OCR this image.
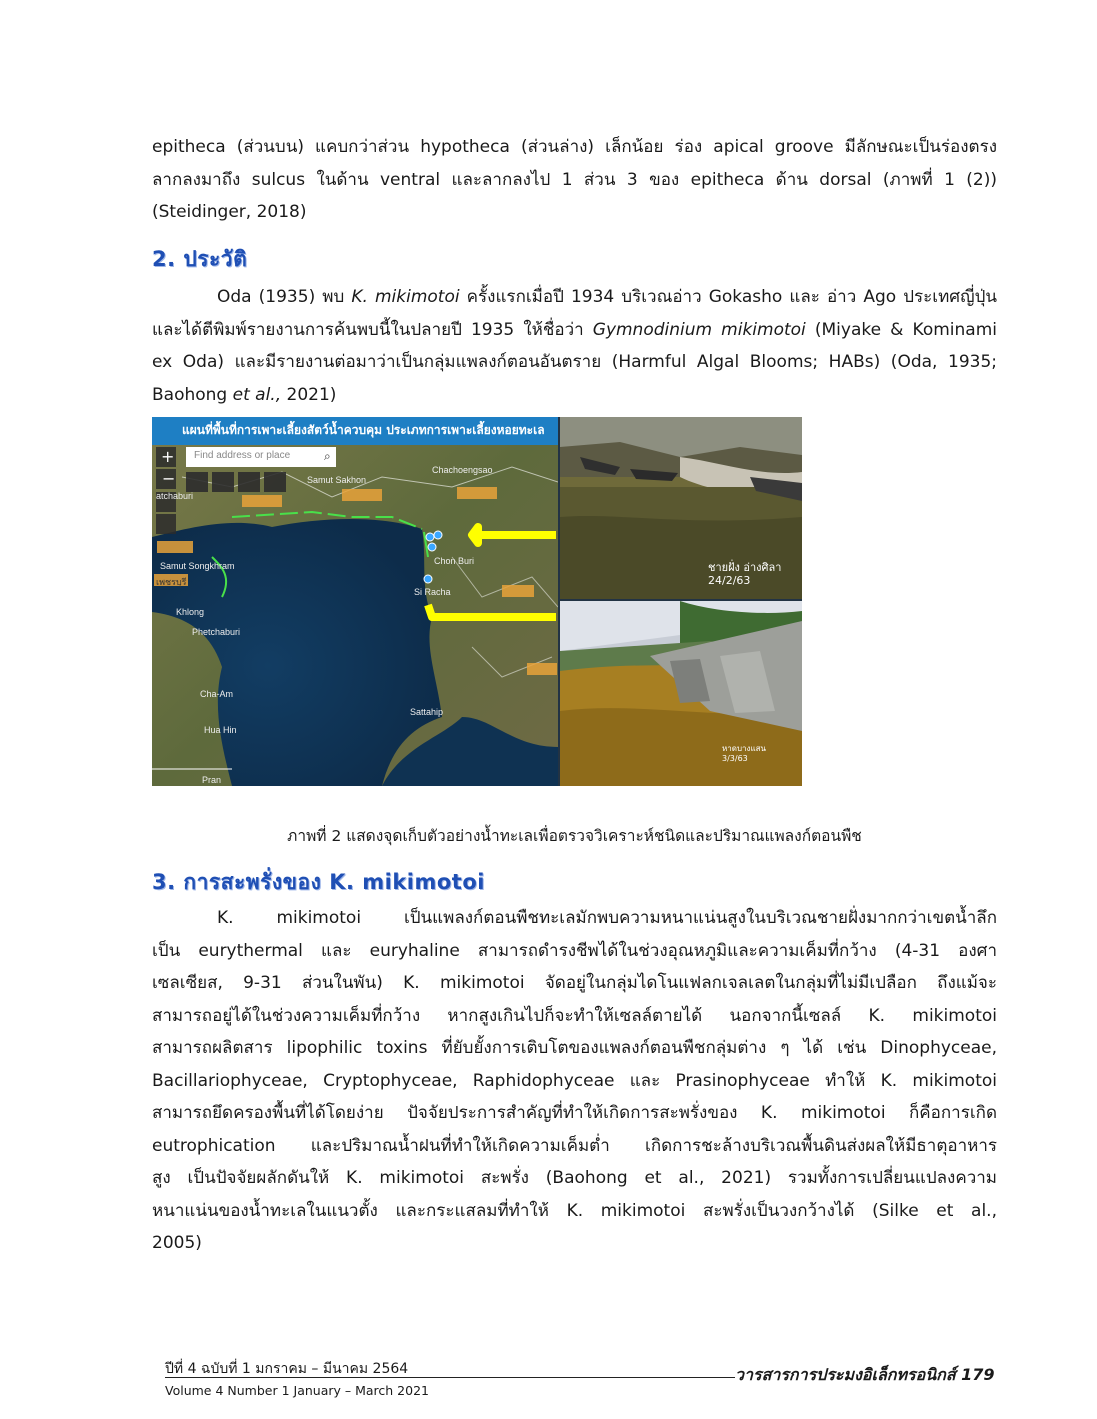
epitheca (ส่วนบน) แคบกว่าส่วน hypotheca (ส่วนล่าง) เล็กน้อย ร่อง apical groove มีลักษณะเป็นร่องตรง
ลากลงมาถึง sulcus ในด้าน ventral และลากลงไป 1 ส่วน 3 ของ epitheca ด้าน dorsal (ภาพที่ 1 (2))
(Steidinger, 2018)
2. ประวัติ
Oda (1935) พบ K. mikimotoi ครั้งแรกเมื่อปี 1934 บริเวณอ่าว Gokasho และ อ่าว Ago ประเทศญี่ปุ่น
และได้ตีพิมพ์รายงานการค้นพบนี้ในปลายปี 1935 ให้ชื่อว่า Gymnodinium mikimotoi (Miyake & Kominami
ex Oda) และมีรายงานต่อมาว่าเป็นกลุ่มแพลงก์ตอนอันตราย (Harmful Algal Blooms; HABs) (Oda, 1935;
Baohong et al., 2021)
+
−
แผนที่พื้นที่การเพาะเลี้ยงสัตว์น้ำควบคุม ประเภทการเพาะเลี้ยงหอยทะเล
Find address or place	⌕
Chachoengsao
Chon Buri
Si Racha
Samut Sakhon
Samut Songkhram
Phetchaburi
Cha-Am
Hua Hin
Pran
Sattahip
atchaburi
Khlong
เพชรบุรี
ชายฝั่ง อ่างศิลา
24/2/63
หาดบางแสน
3/3/63
ภาพที่ 2 แสดงจุดเก็บตัวอย่างน้ำทะเลเพื่อตรวจวิเคราะห์ชนิดและปริมาณแพลงก์ตอนพืช
3. การสะพรั่งของ K. mikimotoi
K. mikimotoi เป็นแพลงก์ตอนพืชทะเลมักพบความหนาแน่นสูงในบริเวณชายฝั่งมากกว่าเขตน้ำลึก
เป็น eurythermal และ euryhaline สามารถดำรงชีพได้ในช่วงอุณหภูมิและความเค็มที่กว้าง (4-31 องศา
เซลเซียส, 9-31 ส่วนในพัน) K. mikimotoi จัดอยู่ในกลุ่มไดโนแฟลกเจลเลตในกลุ่มที่ไม่มีเปลือก ถึงแม้จะ
สามารถอยู่ได้ในช่วงความเค็มที่กว้าง หากสูงเกินไปก็จะทำให้เซลล์ตายได้ นอกจากนี้เซลล์ K. mikimotoi
สามารถผลิตสาร lipophilic toxins ที่ยับยั้งการเติบโตของแพลงก์ตอนพืชกลุ่มต่าง ๆ ได้ เช่น Dinophyceae,
Bacillariophyceae, Cryptophyceae, Raphidophyceae และ Prasinophyceae ทำให้ K. mikimotoi
สามารถยึดครองพื้นที่ได้โดยง่าย ปัจจัยประการสำคัญที่ทำให้เกิดการสะพรั่งของ K. mikimotoi ก็คือการเกิด
eutrophication และปริมาณน้ำฝนที่ทำให้เกิดความเค็มต่ำ เกิดการชะล้างบริเวณพื้นดินส่งผลให้มีธาตุอาหาร
สูง เป็นปัจจัยผลักดันให้ K. mikimotoi สะพรั่ง (Baohong et al., 2021) รวมทั้งการเปลี่ยนแปลงความ
หนาแน่นของน้ำทะเลในแนวตั้ง และกระแสลมที่ทำให้ K. mikimotoi สะพรั่งเป็นวงกว้างได้ (Silke et al.,
2005)
ปีที่ 4 ฉบับที่ 1 มกราคม – มีนาคม 2564
Volume 4 Number 1 January – March 2021
วารสารการประมงอิเล็กทรอนิกส์ 179
